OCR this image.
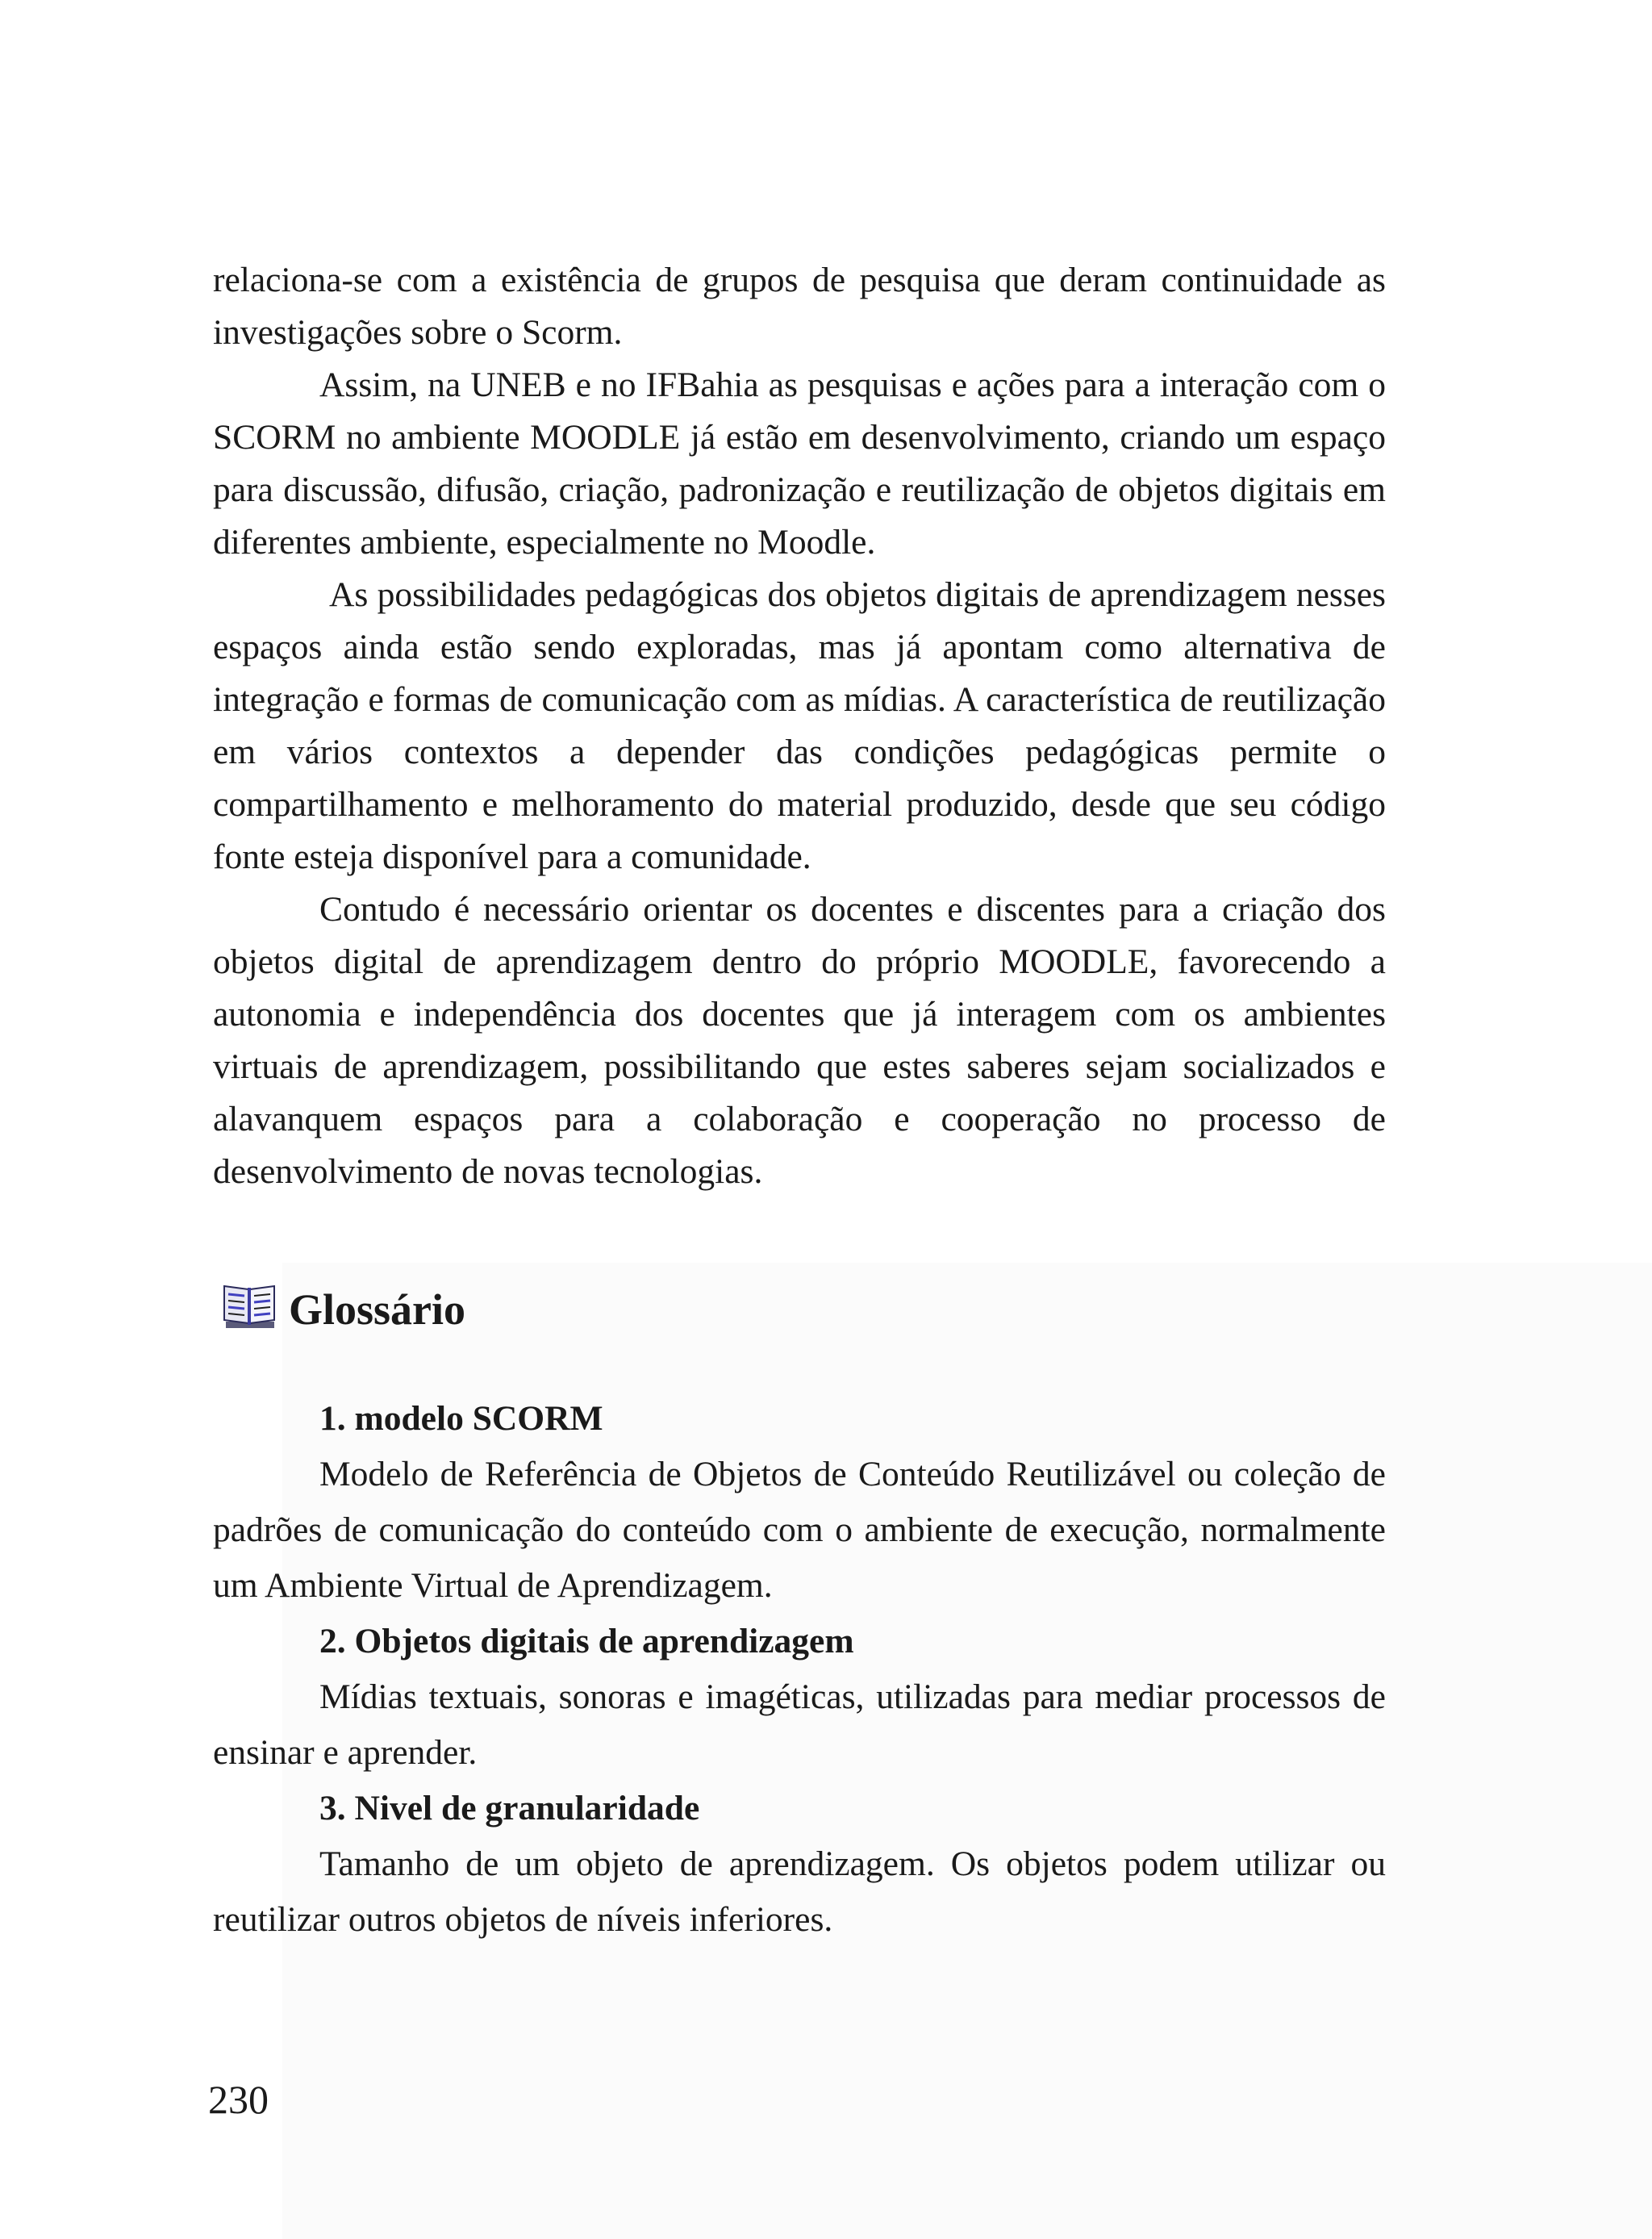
relaciona-se com a existência de grupos de pesquisa que deram continuidade as investigações sobre o Scorm.

Assim, na UNEB e no IFBahia as pesquisas e ações para a interação com o SCORM no ambiente MOODLE já estão em desenvolvimento, criando um espaço para discussão, difusão, criação, padronização e reutilização de objetos digitais em diferentes ambiente, especialmente no Moodle.

As possibilidades pedagógicas dos objetos digitais de aprendizagem nesses espaços ainda estão sendo exploradas, mas já apontam como alternativa de integração e formas de comunicação com as mídias. A característica de reutilização em vários contextos a depender das condições pedagógicas permite o compartilhamento e melhoramento do material produzido, desde que seu código fonte esteja disponível para a comunidade.

Contudo é necessário orientar os docentes e discentes para a criação dos objetos digital de aprendizagem dentro do próprio MOODLE, favorecendo a autonomia e independência dos docentes que já interagem com os ambientes virtuais de aprendizagem, possibilitando que estes saberes sejam socializados e alavanquem espaços para a colaboração e cooperação no processo de desenvolvimento de novas tecnologias.

Glossário

1. modelo SCORM

Modelo de Referência de Objetos de Conteúdo Reutilizável ou coleção de padrões de comunicação do conteúdo com o ambiente de execução, normalmente um Ambiente Virtual de Aprendizagem.

2. Objetos digitais de aprendizagem

Mídias textuais, sonoras e imagéticas, utilizadas para mediar processos de ensinar e aprender.

3. Nivel de granularidade

Tamanho de um objeto de aprendizagem. Os objetos podem utilizar ou reutilizar outros objetos de níveis inferiores.

230
